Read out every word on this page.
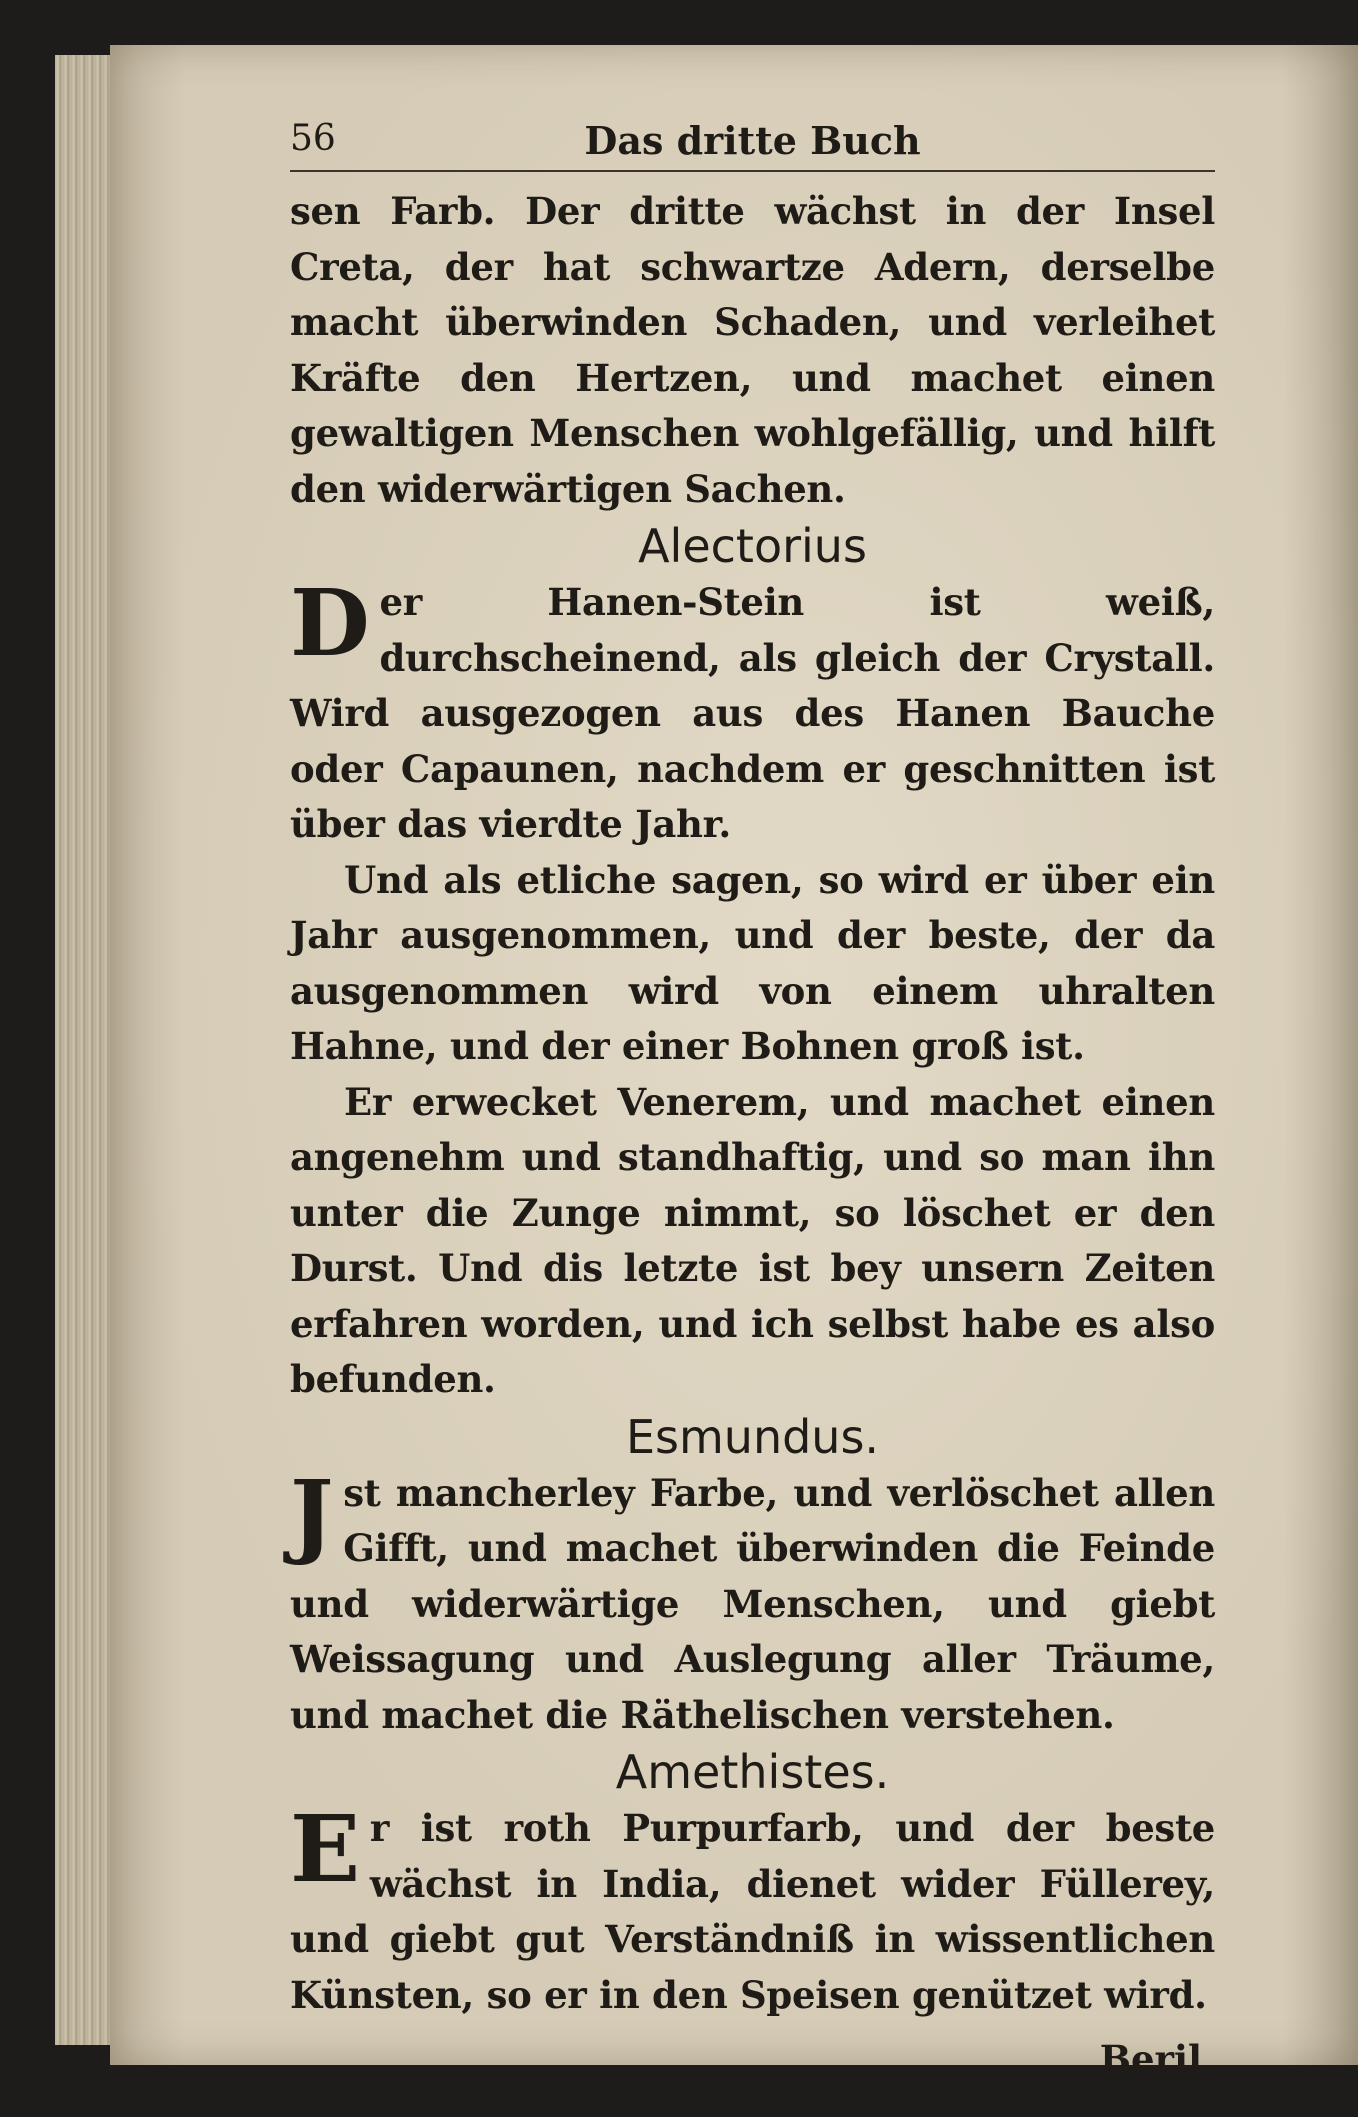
56	Das dritte Buch

sen Farb. Der dritte wächst in der Insel Creta, der hat schwartze Adern, derselbe macht überwinden Schaden, und verleihet Kräfte den Hertzen, und machet einen gewaltigen Menschen wohlgefällig, und hilft den widerwärtigen Sachen.

Alectorius

Der Hanen-Stein ist weiß, durchscheinend, als gleich der Crystall. Wird ausgezogen aus des Hanen Bauche oder Capaunen, nachdem er geschnitten ist über das vierdte Jahr.

Und als etliche sagen, so wird er über ein Jahr ausgenommen, und der beste, der da ausgenommen wird von einem uhralten Hahne, und der einer Bohnen groß ist.

Er erwecket Venerem, und machet einen angenehm und standhaftig, und so man ihn unter die Zunge nimmt, so löschet er den Durst. Und dis letzte ist bey unsern Zeiten erfahren worden, und ich selbst habe es also befunden.

Esmundus.

Jst mancherley Farbe, und verlöschet allen Gifft, und machet überwinden die Feinde und widerwärtige Menschen, und giebt Weissagung und Auslegung aller Träume, und machet die Räthelischen verstehen.

Amethistes.

Er ist roth Purpurfarb, und der beste wächst in India, dienet wider Füllerey, und giebt gut Verständniß in wissentlichen Künsten, so er in den Speisen genützet wird.

Beril.
